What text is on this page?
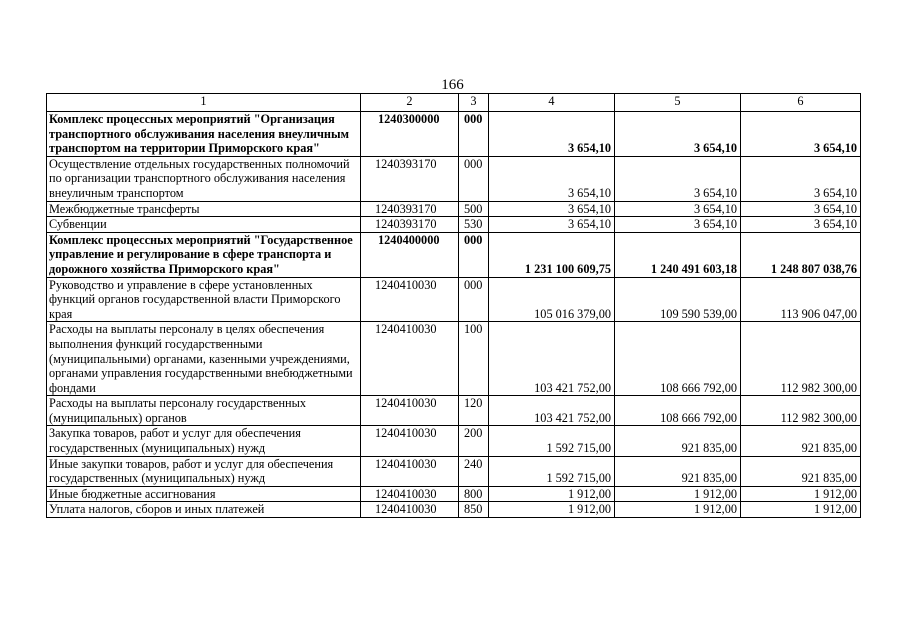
166
1	2	3	4	5	6
Комплекс процессных мероприятий "Организация транспортного обслуживания населения внеуличным транспортом на территории Приморского края"	1240300000	000	3 654,10	3 654,10	3 654,10
Осуществление отдельных государственных полномочий по организации транспортного обслуживания населения внеуличным транспортом	1240393170	000	3 654,10	3 654,10	3 654,10
Межбюджетные трансферты	1240393170	500	3 654,10	3 654,10	3 654,10
Субвенции	1240393170	530	3 654,10	3 654,10	3 654,10
Комплекс процессных мероприятий "Государственное управление и регулирование в сфере транспорта и дорожного хозяйства Приморского края"	1240400000	000	1 231 100 609,75	1 240 491 603,18	1 248 807 038,76
Руководство и управление в сфере установленных функций органов государственной власти Приморского края	1240410030	000	105 016 379,00	109 590 539,00	113 906 047,00
Расходы на выплаты персоналу в целях обеспечения выполнения функций государственными (муниципальными) органами, казенными учреждениями, органами управления государственными внебюджетными фондами	1240410030	100	103 421 752,00	108 666 792,00	112 982 300,00
Расходы на выплаты персоналу государственных (муниципальных) органов	1240410030	120	103 421 752,00	108 666 792,00	112 982 300,00
Закупка товаров, работ и услуг для обеспечения государственных (муниципальных) нужд	1240410030	200	1 592 715,00	921 835,00	921 835,00
Иные закупки товаров, работ и услуг для обеспечения государственных (муниципальных) нужд	1240410030	240	1 592 715,00	921 835,00	921 835,00
Иные бюджетные ассигнования	1240410030	800	1 912,00	1 912,00	1 912,00
Уплата налогов, сборов и иных платежей	1240410030	850	1 912,00	1 912,00	1 912,00
